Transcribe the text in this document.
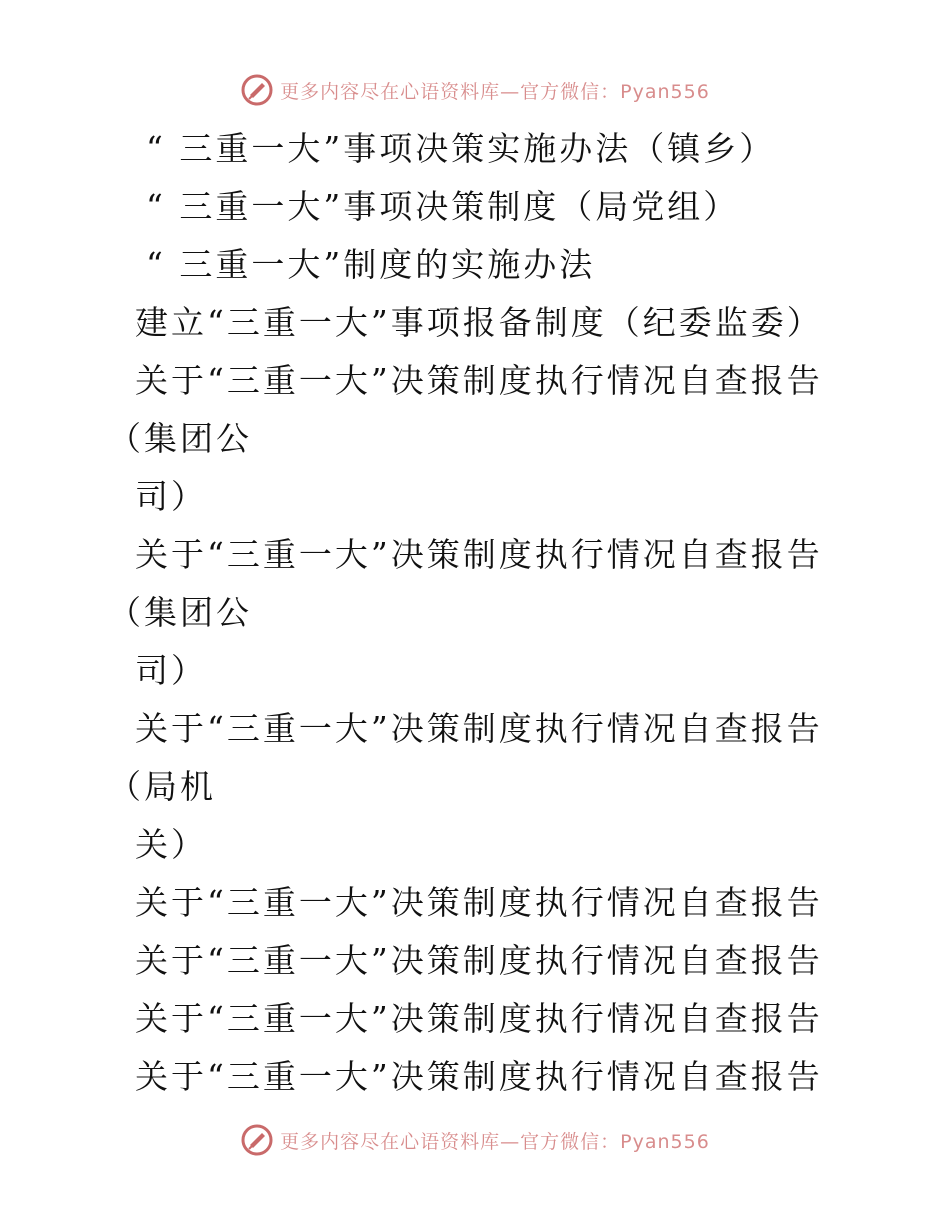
更多内容尽在心语资料库—官方微信：Pyan556
“ 三重一大”事项决策实施办法（镇乡）
“ 三重一大”事项决策制度（局党组）
“ 三重一大”制度的实施办法
建立“三重一大”事项报备制度（纪委监委）
关于“三重一大”决策制度执行情况自查报告
（集团公
司）
关于“三重一大”决策制度执行情况自查报告
（集团公
司）
关于“三重一大”决策制度执行情况自查报告
（局机
关）
关于“三重一大”决策制度执行情况自查报告
关于“三重一大”决策制度执行情况自查报告
关于“三重一大”决策制度执行情况自查报告
关于“三重一大”决策制度执行情况自查报告
更多内容尽在心语资料库—官方微信：Pyan556
